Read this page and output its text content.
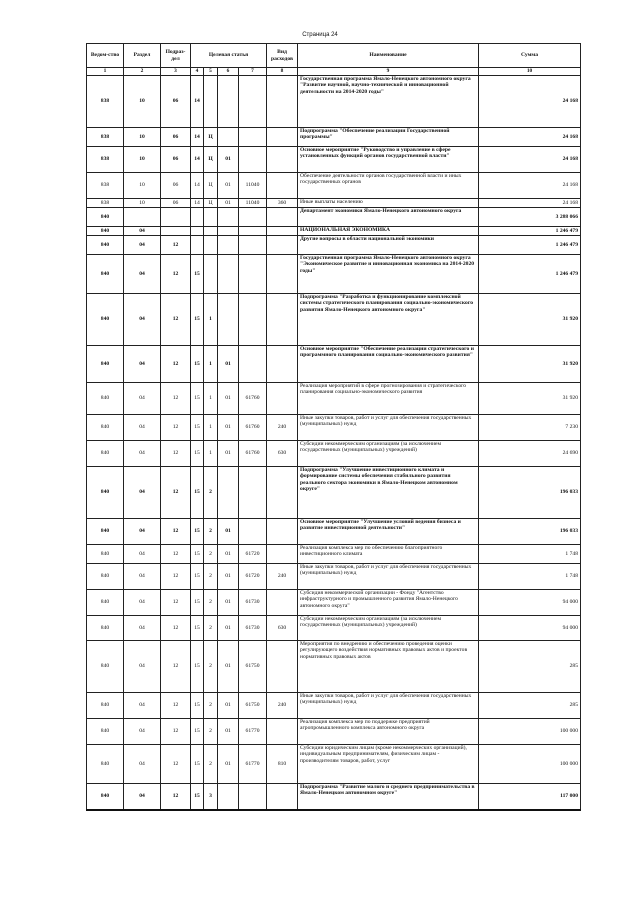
Страница 24
Ведом-ство	Раздел	Подраз-дел	Целевая статья				Вид расходов	Наименование	Сумма
1	2	3	4	5	6	7	8	9	10
838	10	06	14					Государственная программа Ямало-Ненецкого автономного округа "Развитие научной, научно-технической и инновационной деятельности на 2014-2020 годы"	24 168
838	10	06	14	Ц				Подпрограмма "Обеспечение реализации Государственной программы"	24 168
838	10	06	14	Ц	01			Основное мероприятие "Руководство и управление в сфере установленных функций органов государственной власти"	24 168
838	10	06	14	Ц	01	11040		Обеспечение деятельности органов государственной власти и иных государственных органов	24 168
838	10	06	14	Ц	01	11040	360	Иные выплаты населению	24 168
840								Департамент экономики Ямало-Ненецкого автономного округа	3 288 066
840	04							НАЦИОНАЛЬНАЯ ЭКОНОМИКА	1 246 479
840	04	12						Другие вопросы в области национальной экономики	1 246 479
840	04	12	15					Государственная программа Ямало-Ненецкого автономного округа "Экономическое развитие и инновационная экономика на 2014-2020 годы"	1 246 479
840	04	12	15	1				Подпрограмма "Разработка и функционирование комплексной системы стратегического планирования социально-экономического развития Ямало-Ненецкого автономного округа"	31 920
840	04	12	15	1	01			Основное мероприятие "Обеспечение реализации стратегического и программного планирования социально-экономического развития"	31 920
840	04	12	15	1	01	61760		Реализация мероприятий в сфере прогнозирования и стратегического планирования социально-экономического развития	31 920
840	04	12	15	1	01	61760	240	Иные закупки товаров, работ и услуг для обеспечения государственных (муниципальных) нужд	7 230
840	04	12	15	1	01	61760	630	Субсидии некоммерческим организациям (за исключением государственных (муниципальных) учреждений)	24 690
840	04	12	15	2				Подпрограмма "Улучшение инвестиционного климата и формирование системы обеспечения стабильного развития реального сектора экономики в Ямало-Ненецком автономном округе"	196 033
840	04	12	15	2	01			Основное мероприятие "Улучшение условий ведения бизнеса и развитие инвестиционной деятельности"	196 033
840	04	12	15	2	01	61720		Реализация комплекса мер по обеспечению благоприятного инвестиционного климата	1 748
840	04	12	15	2	01	61720	240	Иные закупки товаров, работ и услуг для обеспечения государственных (муниципальных) нужд	1 748
840	04	12	15	2	01	61730		Субсидия некоммерческой организации - Фонду "Агентство инфраструктурного и промышленного развития Ямало-Ненецкого автономного округа"	94 000
840	04	12	15	2	01	61730	630	Субсидии некоммерческим организациям (за исключением государственных (муниципальных) учреждений)	94 000
840	04	12	15	2	01	61750		Мероприятия по внедрению и обеспечению проведения оценки регулирующего воздействия нормативных правовых актов и проектов нормативных правовых актов	285
840	04	12	15	2	01	61750	240	Иные закупки товаров, работ и услуг для обеспечения государственных (муниципальных) нужд	285
840	04	12	15	2	01	61770		Реализация комплекса мер по поддержке предприятий агропромышленного комплекса автономного округа	100 000
840	04	12	15	2	01	61770	810	Субсидии юридическим лицам (кроме некоммерческих организаций), индивидуальным предпринимателям, физическим лицам - производителям товаров, работ, услуг	100 000
840	04	12	15	3				Подпрограмма "Развитие малого и среднего предпринимательства в Ямало-Ненецком автономном округе"	117 000
